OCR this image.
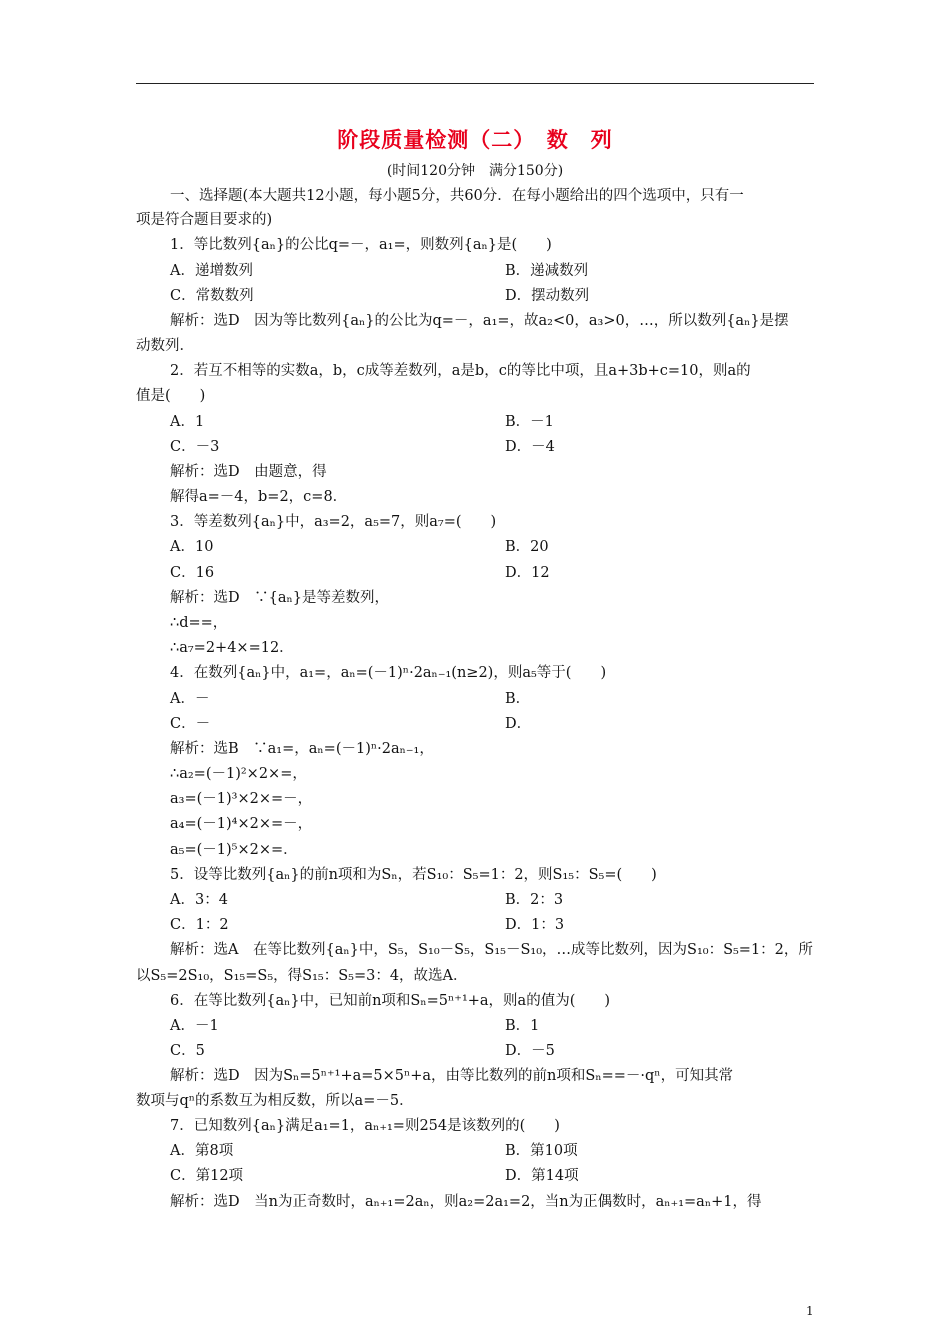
阶段质量检测（二）　数　列
(时间120分钟　满分150分)
一、选择题(本大题共12小题，每小题5分，共60分．在每小题给出的四个选项中，只有一
项是符合题目要求的)
1．等比数列{aₙ}的公比q=－，a₁=，则数列{aₙ}是(　　)
A．递增数列	B．递减数列
C．常数数列	D．摆动数列
解析：选D　因为等比数列{aₙ}的公比为q=－，a₁=，故a₂<0，a₃>0，…，所以数列{aₙ}是摆
动数列．
2．若互不相等的实数a，b，c成等差数列，a是b，c的等比中项，且a+3b+c=10，则a的
值是(　　)
A．1	B．－1
C．－3	D．－4
解析：选D　由题意，得
解得a=－4，b=2，c=8．
3．等差数列{aₙ}中，a₃=2，a₅=7，则a₇=(　　)
A．10	B．20
C．16	D．12
解析：选D　∵{aₙ}是等差数列，
∴d==，
∴a₇=2+4×=12．
4．在数列{aₙ}中，a₁=，aₙ=(－1)ⁿ·2aₙ₋₁(n≥2)，则a₅等于(　　)
A．－	B．
C．－	D．
解析：选B　∵a₁=，aₙ=(－1)ⁿ·2aₙ₋₁，
∴a₂=(－1)²×2×=，
a₃=(－1)³×2×=－，
a₄=(－1)⁴×2×=－，
a₅=(－1)⁵×2×=．
5．设等比数列{aₙ}的前n项和为Sₙ，若S₁₀：S₅=1：2，则S₁₅：S₅=(　　)
A．3：4	B．2：3
C．1：2	D．1：3
解析：选A　在等比数列{aₙ}中，S₅，S₁₀－S₅，S₁₅－S₁₀，…成等比数列，因为S₁₀：S₅=1：2，所
以S₅=2S₁₀，S₁₅=S₅，得S₁₅：S₅=3：4，故选A．
6．在等比数列{aₙ}中，已知前n项和Sₙ=5ⁿ⁺¹+a，则a的值为(　　)
A．－1	B．1
C．5	D．－5
解析：选D　因为Sₙ=5ⁿ⁺¹+a=5×5ⁿ+a，由等比数列的前n项和Sₙ==－·qⁿ，可知其常
数项与qⁿ的系数互为相反数，所以a=－5．
7．已知数列{aₙ}满足a₁=1，aₙ₊₁=则254是该数列的(　　)
A．第8项	B．第10项
C．第12项	D．第14项
解析：选D　当n为正奇数时，aₙ₊₁=2aₙ，则a₂=2a₁=2，当n为正偶数时，aₙ₊₁=aₙ+1，得
1
